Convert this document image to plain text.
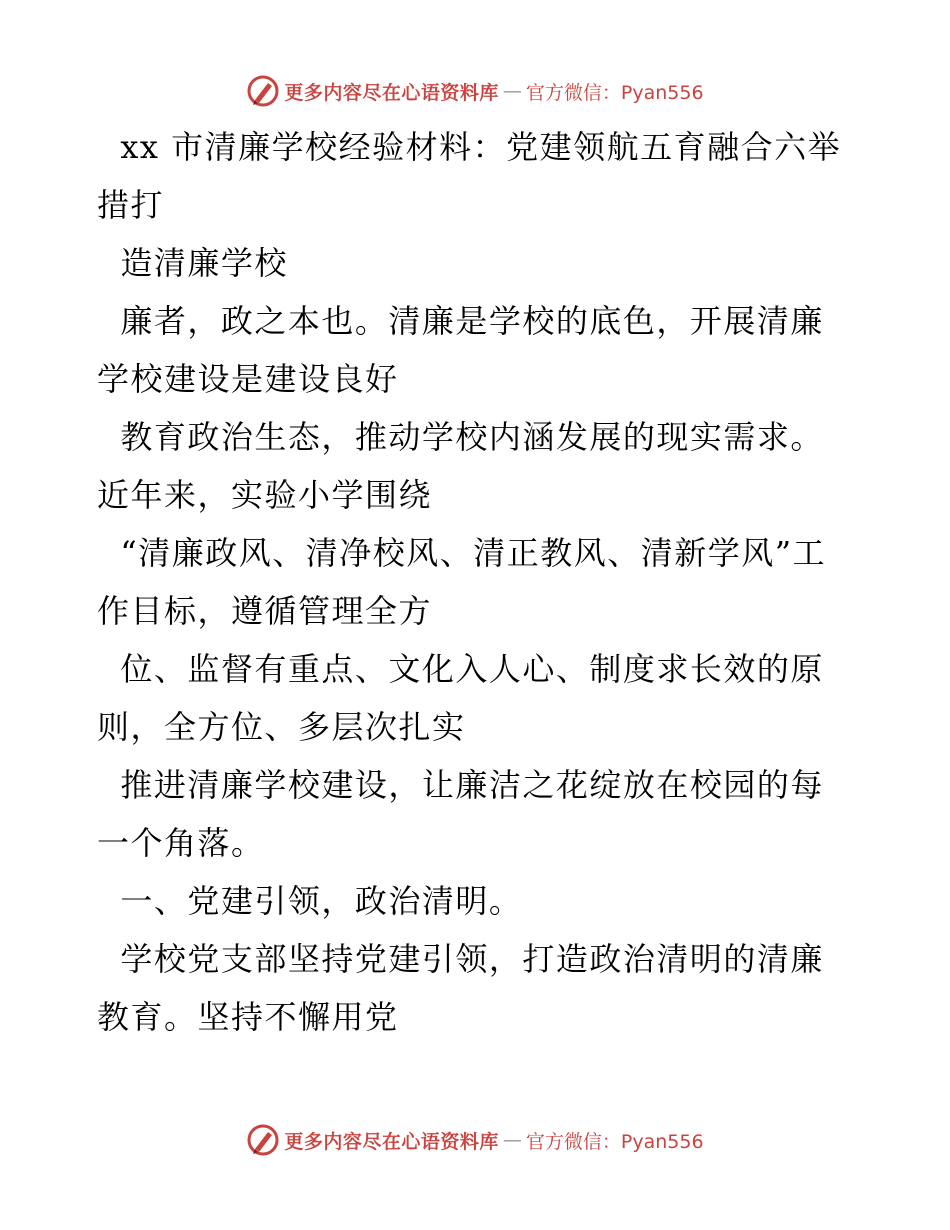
更多内容尽在心语资料库 — 官方微信：Pyan556

xx 市清廉学校经验材料：党建领航五育融合六举措打

造清廉学校

廉者，政之本也。清廉是学校的底色，开展清廉学校建设是建设良好

教育政治生态，推动学校内涵发展的现实需求。近年来，实验小学围绕

“清廉政风、清净校风、清正教风、清新学风”工作目标，遵循管理全方

位、监督有重点、文化入人心、制度求长效的原则，全方位、多层次扎实

推进清廉学校建设，让廉洁之花绽放在校园的每一个角落。

一、党建引领，政治清明。

学校党支部坚持党建引领，打造政治清明的清廉教育。坚持不懈用党

更多内容尽在心语资料库 — 官方微信：Pyan556
